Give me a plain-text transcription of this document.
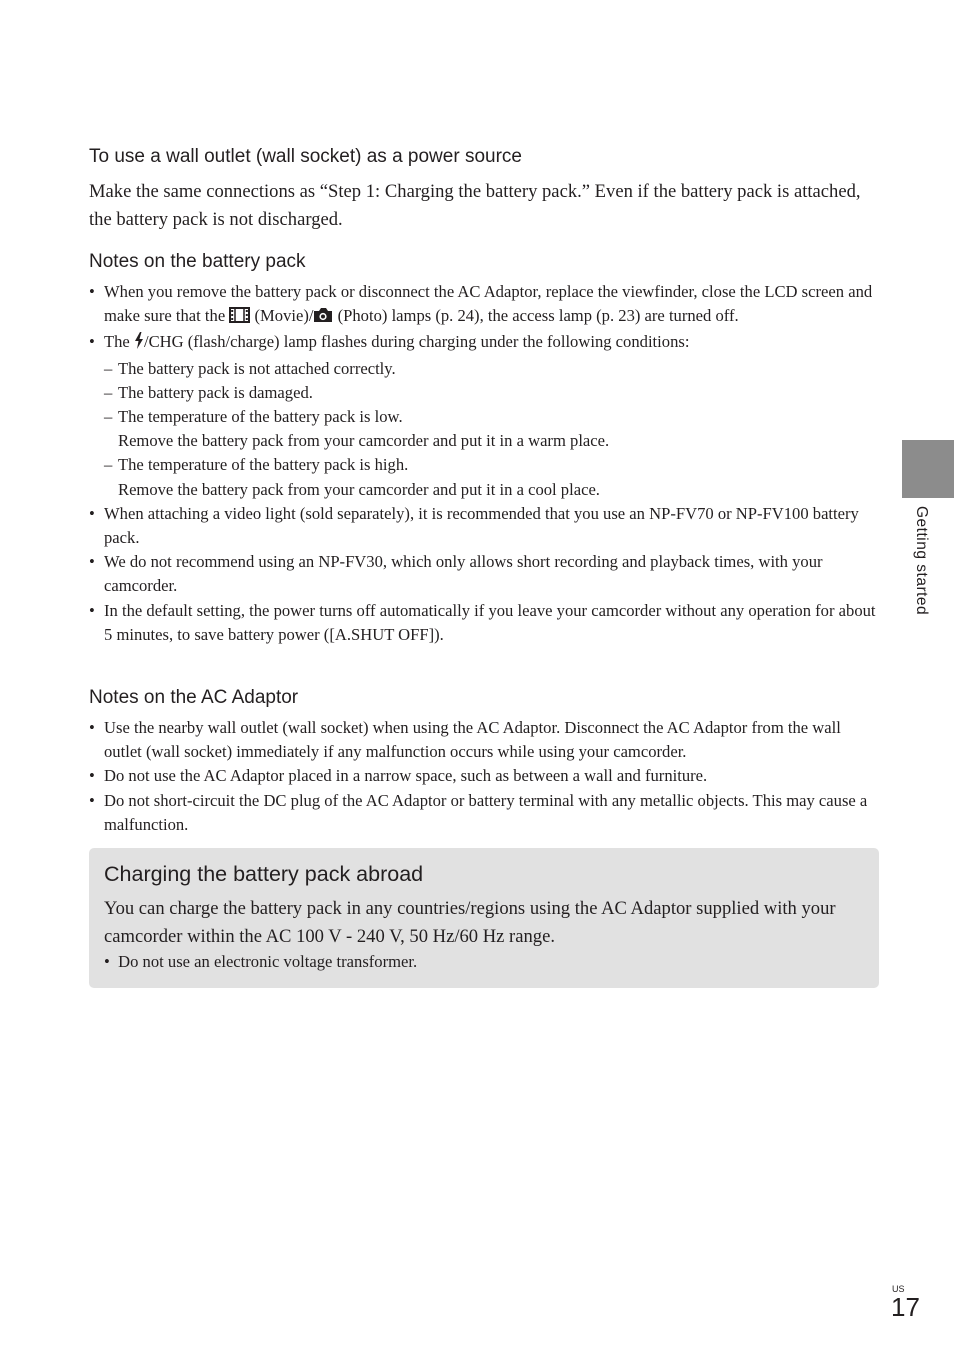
To use a wall outlet (wall socket) as a power source

Make the same connections as “Step 1: Charging the battery pack.” Even if the battery pack is attached, the battery pack is not discharged.

Notes on the battery pack
• When you remove the battery pack or disconnect the AC Adaptor, replace the viewfinder, close the LCD screen and make sure that the  (Movie)/ (Photo) lamps (p. 24), the access lamp (p. 23) are turned off.
• The /CHG (flash/charge) lamp flashes during charging under the following conditions:
– The battery pack is not attached correctly.
– The battery pack is damaged.
– The temperature of the battery pack is low.
Remove the battery pack from your camcorder and put it in a warm place.
– The temperature of the battery pack is high.
Remove the battery pack from your camcorder and put it in a cool place.
• When attaching a video light (sold separately), it is recommended that you use an NP-FV70 or NP-FV100 battery pack.
• We do not recommend using an NP-FV30, which only allows short recording and playback times, with your camcorder.
• In the default setting, the power turns off automatically if you leave your camcorder without any operation for about 5 minutes, to save battery power ([A.SHUT OFF]).
Notes on the AC Adaptor
• Use the nearby wall outlet (wall socket) when using the AC Adaptor. Disconnect the AC Adaptor from the wall outlet (wall socket) immediately if any malfunction occurs while using your camcorder.
• Do not use the AC Adaptor placed in a narrow space, such as between a wall and furniture.
• Do not short-circuit the DC plug of the AC Adaptor or battery terminal with any metallic objects. This may cause a malfunction.
Charging the battery pack abroad

You can charge the battery pack in any countries/regions using the AC Adaptor supplied with your camcorder within the AC 100 V - 240 V, 50 Hz/60 Hz range.

• Do not use an electronic voltage transformer.
Getting started
US
17
